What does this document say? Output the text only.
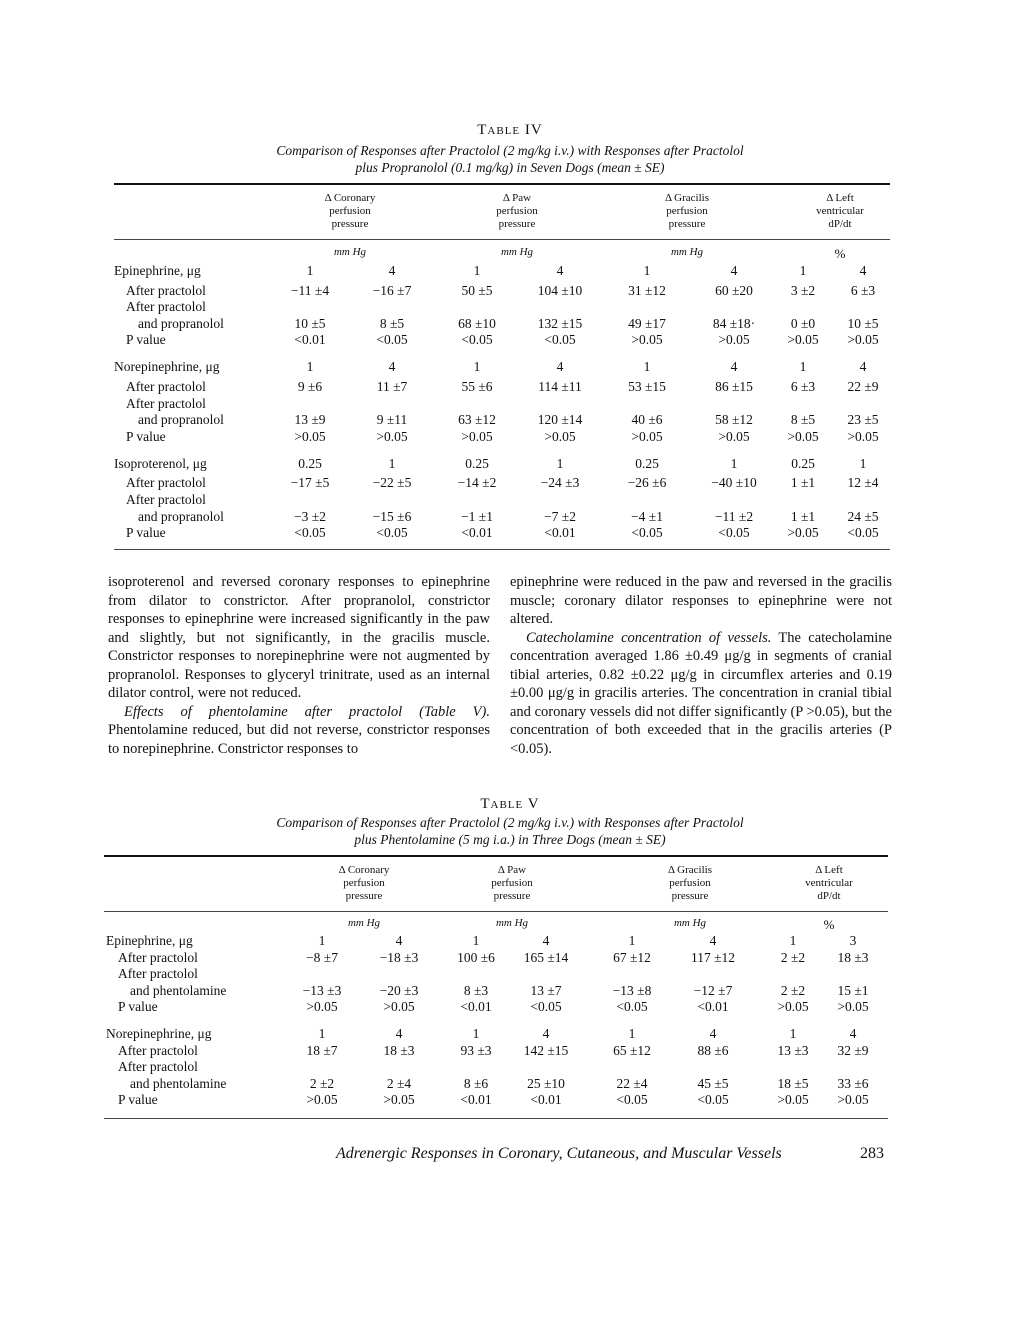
Table IV
Comparison of Responses after Practolol (2 mg/kg i.v.) with Responses after Practolol
plus Propranolol (0.1 mg/kg) in Seven Dogs (mean ± SE)
Δ Coronary
perfusion
pressure
mm Hg
Δ Paw
perfusion
pressure
mm Hg
Δ Gracilis
perfusion
pressure
mm Hg
Δ Left
ventricular
dP/dt
%
Epinephrine, μg	1	4	1	4	1	4	1	4
After practolol	−11 ±4	−16 ±7	50 ±5	104 ±10	31 ±12	60 ±20	3 ±2	6 ±3
After practolol
and propranolol	10 ±5	8 ±5	68 ±10	132 ±15	49 ±17	84 ±18·	0 ±0	10 ±5
P value	<0.01	<0.05	<0.05	<0.05	>0.05	>0.05	>0.05	>0.05
Norepinephrine, μg	1	4	1	4	1	4	1	4
After practolol	9 ±6	11 ±7	55 ±6	114 ±11	53 ±15	86 ±15	6 ±3	22 ±9
After practolol
and propranolol	13 ±9	9 ±11	63 ±12	120 ±14	40 ±6	58 ±12	8 ±5	23 ±5
P value	>0.05	>0.05	>0.05	>0.05	>0.05	>0.05	>0.05	>0.05
Isoproterenol, μg	0.25	1	0.25	1	0.25	1	0.25	1
After practolol	−17 ±5	−22 ±5	−14 ±2	−24 ±3	−26 ±6	−40 ±10	1 ±1	12 ±4
After practolol
and propranolol	−3 ±2	−15 ±6	−1 ±1	−7 ±2	−4 ±1	−11 ±2	1 ±1	24 ±5
P value	<0.05	<0.05	<0.01	<0.01	<0.05	<0.05	>0.05	<0.05

isoproterenol and reversed coronary responses to epinephrine from dilator to constrictor. After propranolol, constrictor responses to epinephrine were increased significantly in the paw and slightly, but not significantly, in the gracilis muscle. Constrictor responses to norepinephrine were not augmented by propranolol. Responses to glyceryl trinitrate, used as an internal dilator control, were not reduced.

Effects of phentolamine after practolol (Table V). Phentolamine reduced, but did not reverse, constrictor responses to norepinephrine. Constrictor responses to

epinephrine were reduced in the paw and reversed in the gracilis muscle; coronary dilator responses to epinephrine were not altered.

Catecholamine concentration of vessels. The catecholamine concentration averaged 1.86 ±0.49 μg/g in segments of cranial tibial arteries, 0.82 ±0.22 μg/g in circumflex arteries and 0.19 ±0.00 μg/g in gracilis arteries. The concentration in cranial tibial and coronary vessels did not differ significantly (P >0.05), but the concentration of both exceeded that in the gracilis arteries (P <0.05).

Table V
Comparison of Responses after Practolol (2 mg/kg i.v.) with Responses after Practolol
plus Phentolamine (5 mg i.a.) in Three Dogs (mean ± SE)
Δ Coronary
perfusion
pressure
mm Hg
Δ Paw
perfusion
pressure
mm Hg
Δ Gracilis
perfusion
pressure
mm Hg
Δ Left
ventricular
dP/dt
%
Epinephrine, μg	1	4	1	4	1	4	1	3
After practolol	−8 ±7	−18 ±3	100 ±6	165 ±14	67 ±12	117 ±12	2 ±2	18 ±3
After practolol
and phentolamine	−13 ±3	−20 ±3	8 ±3	13 ±7	−13 ±8	−12 ±7	2 ±2	15 ±1
P value	>0.05	>0.05	<0.01	<0.05	<0.05	<0.01	>0.05	>0.05
Norepinephrine, μg	1	4	1	4	1	4	1	4
After practolol	18 ±7	18 ±3	93 ±3	142 ±15	65 ±12	88 ±6	13 ±3	32 ±9
After practolol
and phentolamine	2 ±2	2 ±4	8 ±6	25 ±10	22 ±4	45 ±5	18 ±5	33 ±6
P value	>0.05	>0.05	<0.01	<0.01	<0.05	<0.05	>0.05	>0.05
Adrenergic Responses in Coronary, Cutaneous, and Muscular Vessels	283
